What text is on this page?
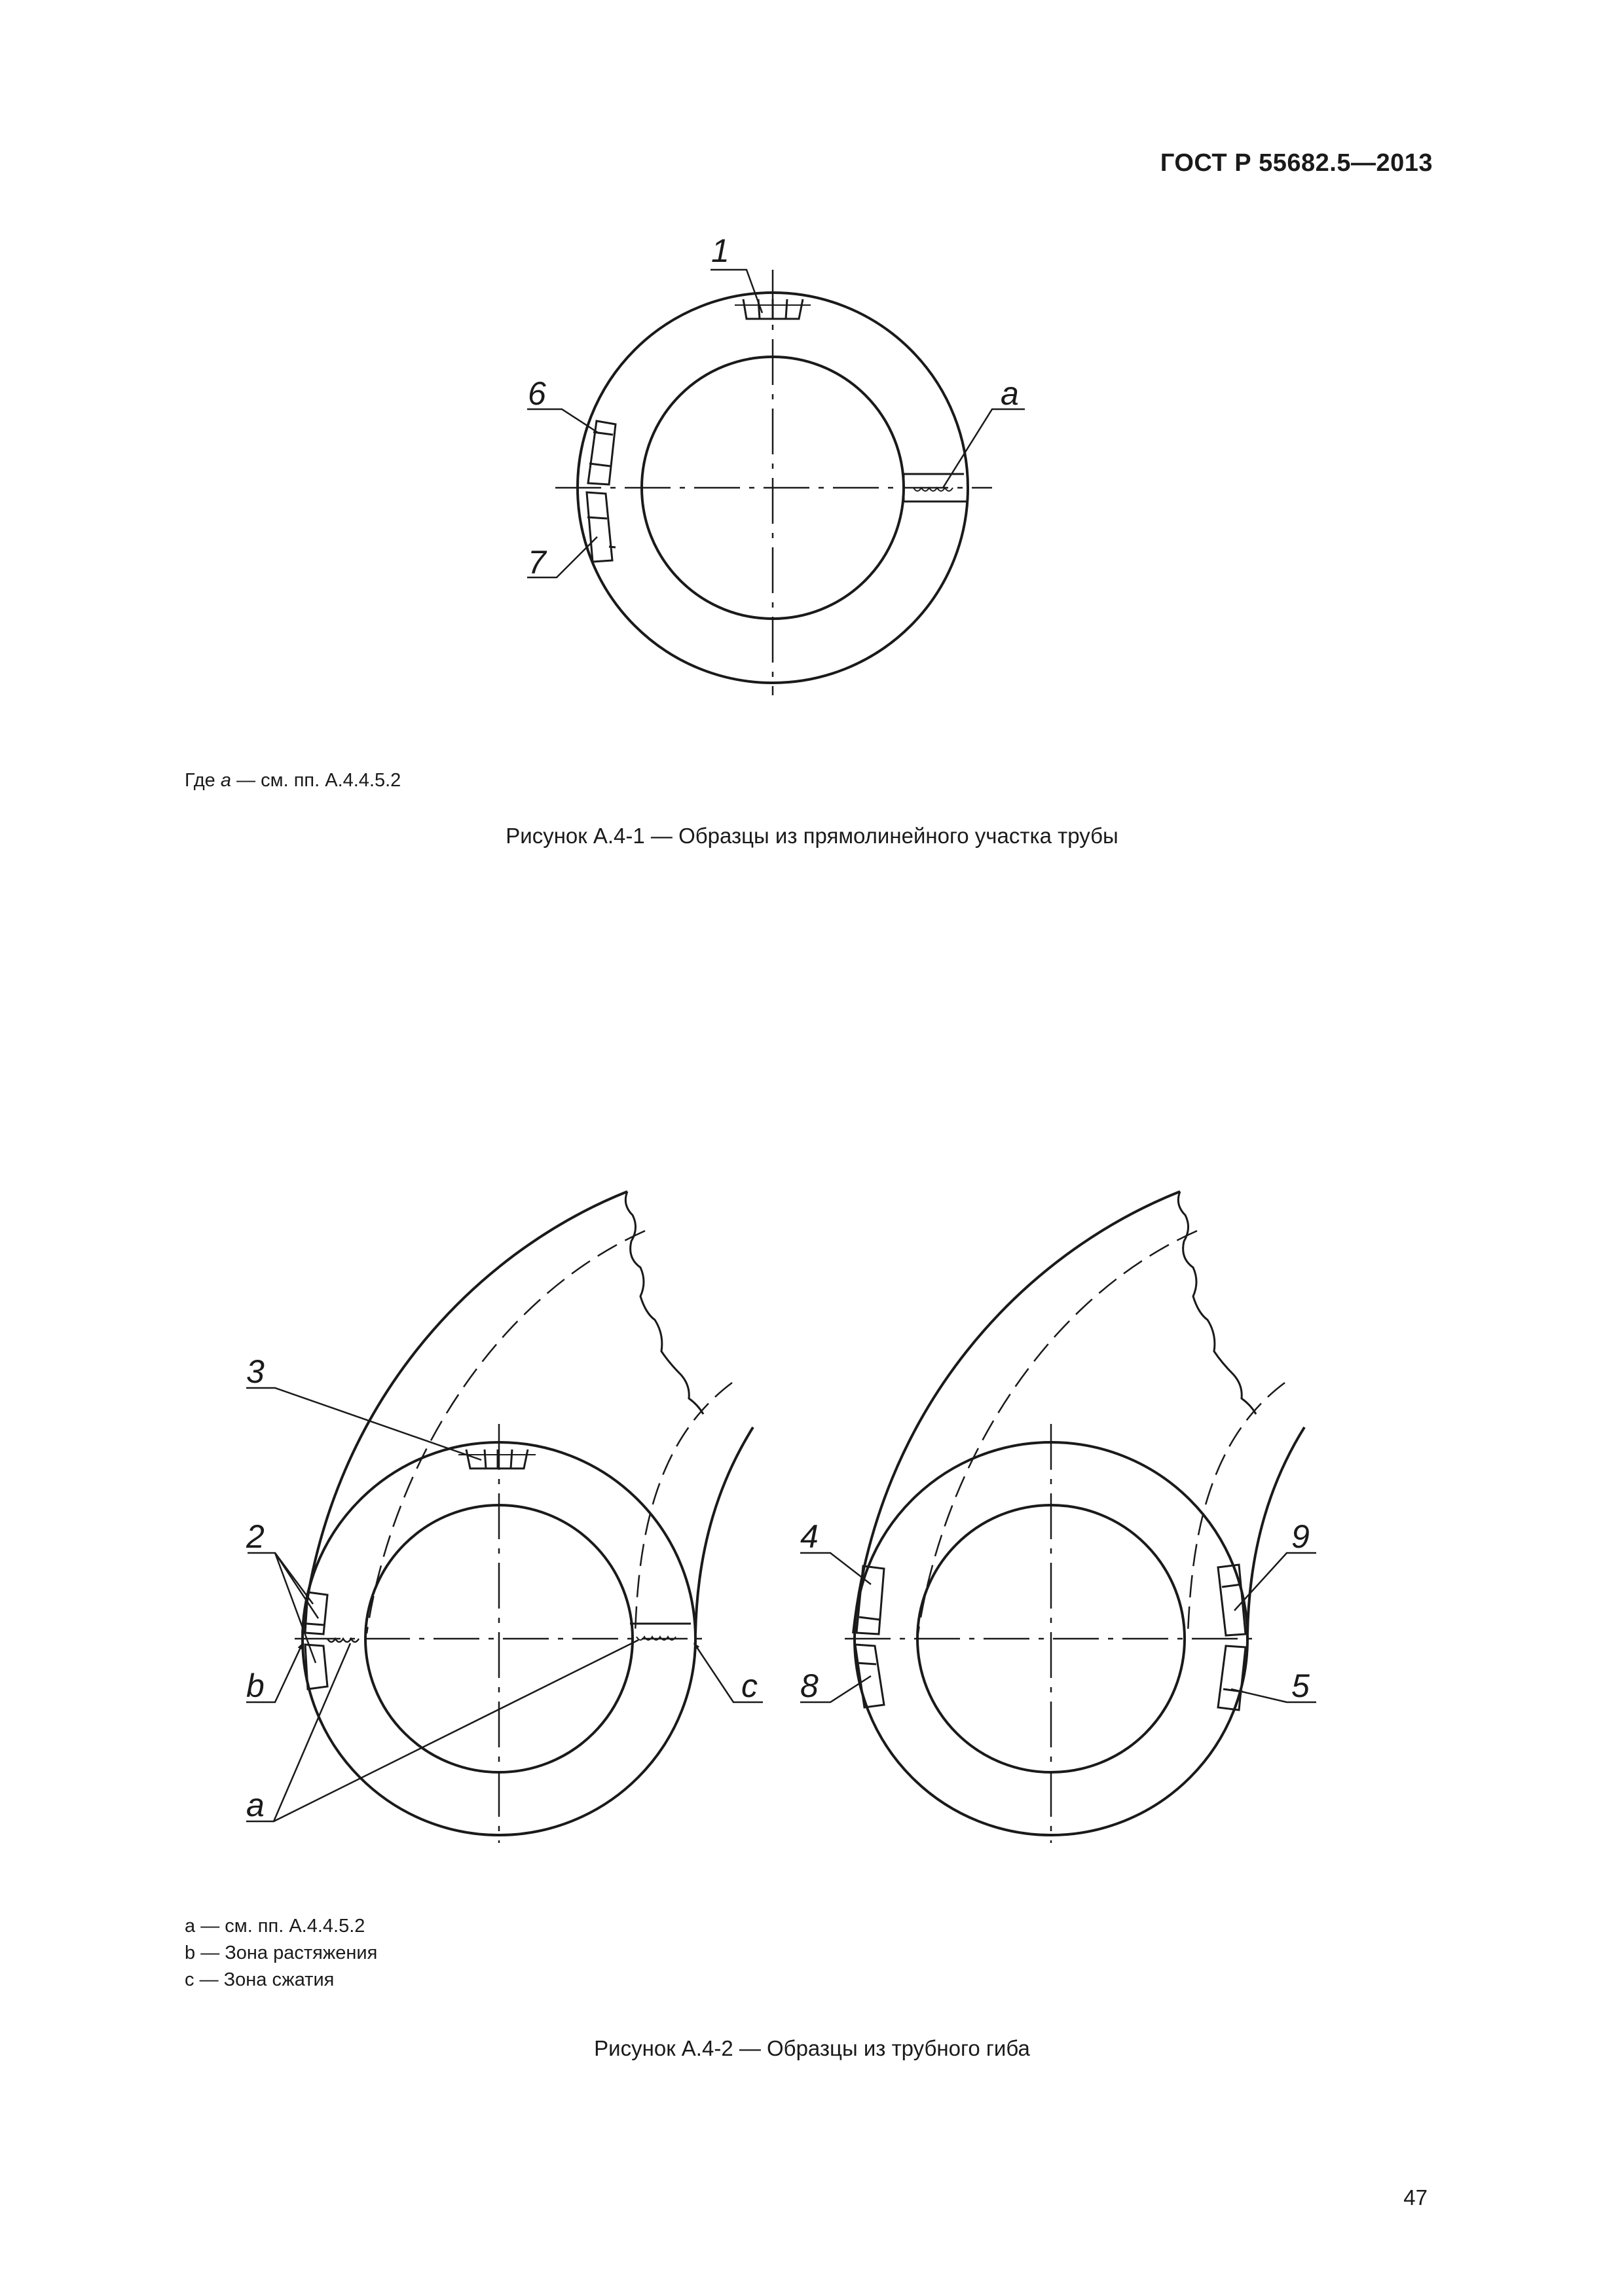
ГОСТ Р 55682.5—2013
1
6
7
a
3
2
b	c
a
4
8
9
5
Где a — см. пп. А.4.4.5.2
Рисунок А.4-1 — Образцы из прямолинейного участка трубы
a — см. пп. А.4.4.5.2
b — Зона растяжения
c — Зона сжатия
Рисунок А.4-2 — Образцы из трубного гиба
47
